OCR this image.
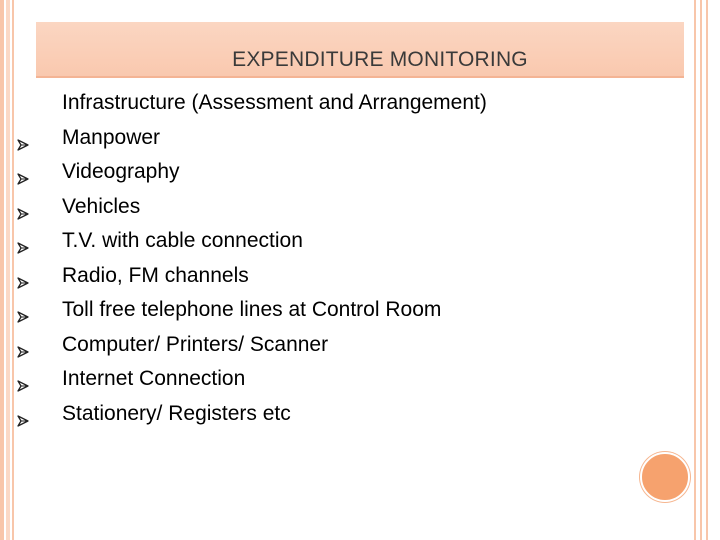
EXPENDITURE MONITORING
Infrastructure (Assessment and Arrangement)
Manpower
Videography
Vehicles
T.V. with cable connection
Radio, FM channels
Toll free telephone lines at Control Room
Computer/ Printers/ Scanner
Internet Connection
Stationery/ Registers etc
